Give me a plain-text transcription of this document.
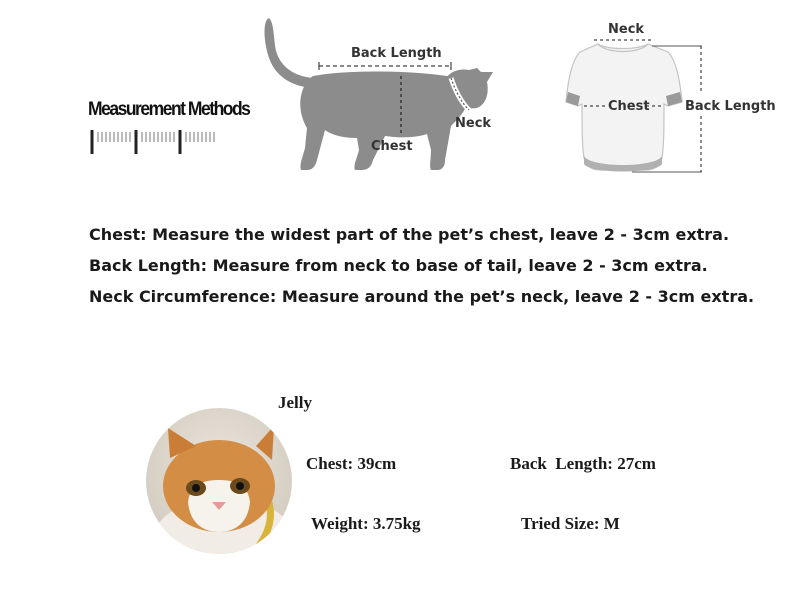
Measurement Methods
Back Length
Neck
Chest
Neck
Chest	Back Length
Chest: Measure the widest part of the pet’s chest, leave 2 - 3cm extra.
Back Length: Measure from neck to base of tail, leave 2 - 3cm extra.
Neck Circumference: Measure around the pet’s neck, leave 2 - 3cm extra.
Jelly
Chest: 39cm	Back  Length: 27cm
Weight: 3.75kg	Tried Size: M
